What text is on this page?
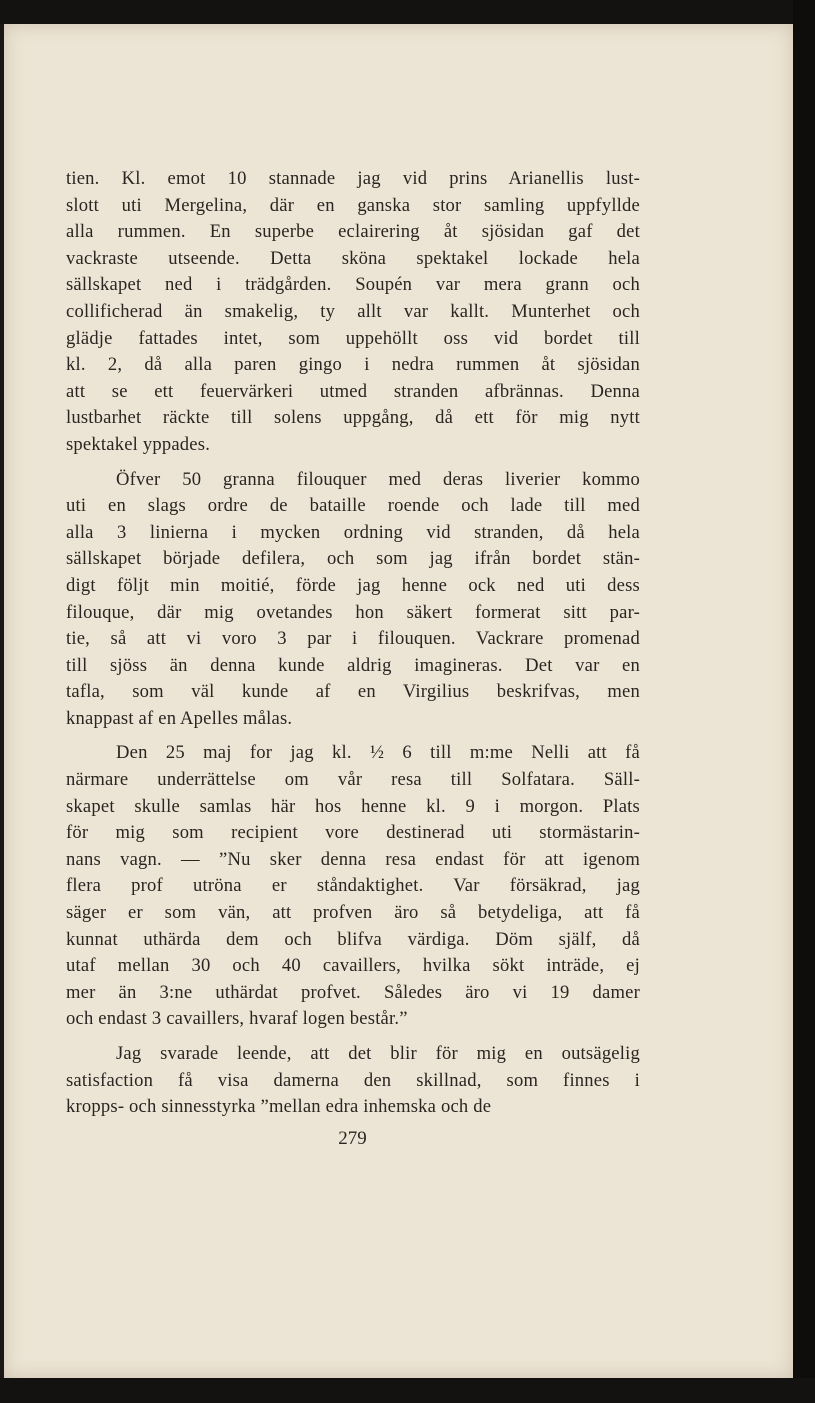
tien. Kl. emot 10 stannade jag vid prins Arianellis lust-
slott uti Mergelina, där en ganska stor samling uppfyllde
alla rummen. En superbe eclairering åt sjösidan gaf det
vackraste utseende. Detta sköna spektakel lockade hela
sällskapet ned i trädgården. Soupén var mera grann och
collificherad än smakelig, ty allt var kallt. Munterhet och
glädje fattades intet, som uppehöllt oss vid bordet till
kl. 2, då alla paren gingo i nedra rummen åt sjösidan
att se ett feuervärkeri utmed stranden afbrännas. Denna
lustbarhet räckte till solens uppgång, då ett för mig nytt
spektakel yppades.
Öfver 50 granna filouquer med deras liverier kommo
uti en slags ordre de bataille roende och lade till med
alla 3 linierna i mycken ordning vid stranden, då hela
sällskapet började defilera, och som jag ifrån bordet stän-
digt följt min moitié, förde jag henne ock ned uti dess
filouque, där mig ovetandes hon säkert formerat sitt par-
tie, så att vi voro 3 par i filouquen. Vackrare promenad
till sjöss än denna kunde aldrig imagineras. Det var en
tafla, som väl kunde af en Virgilius beskrifvas, men
knappast af en Apelles målas.
Den 25 maj for jag kl. ½ 6 till m:me Nelli att få
närmare underrättelse om vår resa till Solfatara. Säll-
skapet skulle samlas här hos henne kl. 9 i morgon. Plats
för mig som recipient vore destinerad uti stormästarin-
nans vagn. — ”Nu sker denna resa endast för att igenom
flera prof utröna er ståndaktighet. Var försäkrad, jag
säger er som vän, att profven äro så betydeliga, att få
kunnat uthärda dem och blifva värdiga. Döm själf, då
utaf mellan 30 och 40 cavaillers, hvilka sökt inträde, ej
mer än 3:ne uthärdat profvet. Således äro vi 19 damer
och endast 3 cavaillers, hvaraf logen består.”
Jag svarade leende, att det blir för mig en outsägelig
satisfaction få visa damerna den skillnad, som finnes i
kropps- och sinnesstyrka ”mellan edra inhemska och de
279
